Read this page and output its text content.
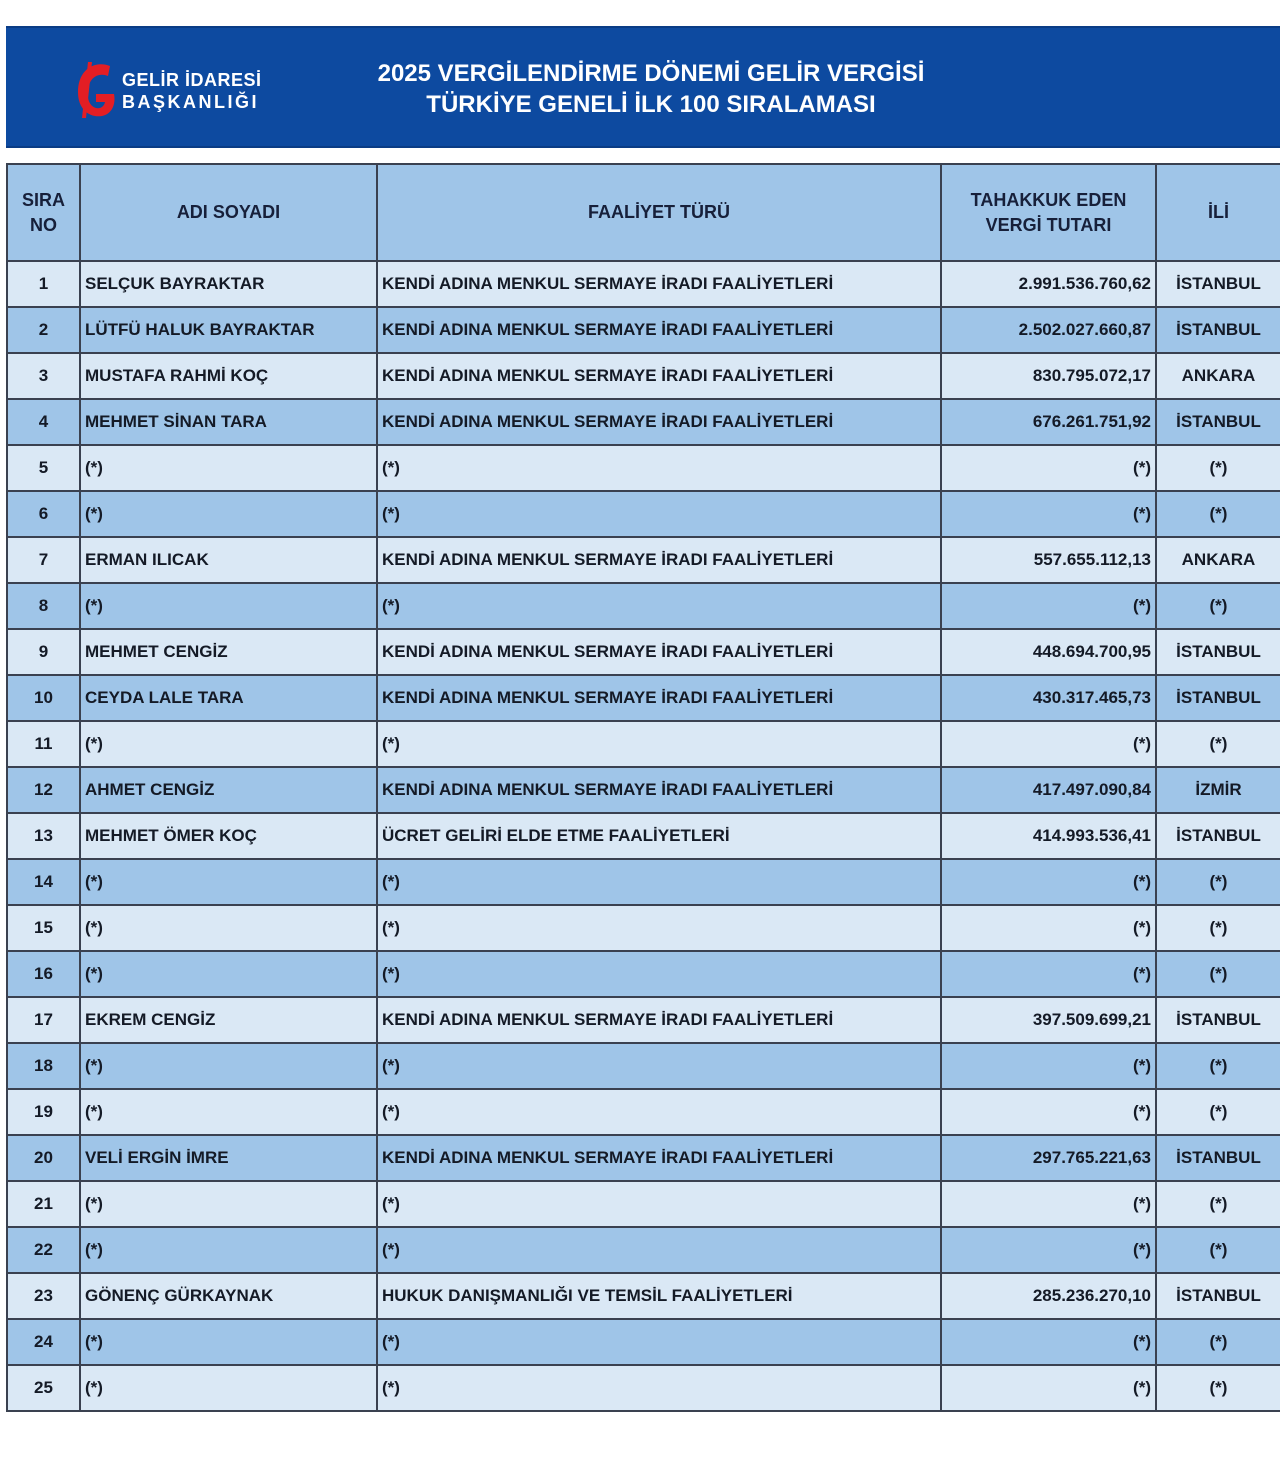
GELİR İDARESİ
BAŞKANLIĞI
2025 VERGİLENDİRME DÖNEMİ GELİR VERGİSİ
TÜRKİYE GENELİ İLK 100 SIRALAMASI
SIRA
NO	ADI SOYADI	FAALİYET TÜRÜ	TAHAKKUK EDEN
VERGİ TUTARI	İLİ
1	SELÇUK BAYRAKTAR	KENDİ ADINA MENKUL SERMAYE İRADI FAALİYETLERİ	2.991.536.760,62	İSTANBUL
2	LÜTFÜ HALUK BAYRAKTAR	KENDİ ADINA MENKUL SERMAYE İRADI FAALİYETLERİ	2.502.027.660,87	İSTANBUL
3	MUSTAFA RAHMİ KOÇ	KENDİ ADINA MENKUL SERMAYE İRADI FAALİYETLERİ	830.795.072,17	ANKARA
4	MEHMET SİNAN TARA	KENDİ ADINA MENKUL SERMAYE İRADI FAALİYETLERİ	676.261.751,92	İSTANBUL
5	(*)	(*)	(*)	(*)
6	(*)	(*)	(*)	(*)
7	ERMAN ILICAK	KENDİ ADINA MENKUL SERMAYE İRADI FAALİYETLERİ	557.655.112,13	ANKARA
8	(*)	(*)	(*)	(*)
9	MEHMET CENGİZ	KENDİ ADINA MENKUL SERMAYE İRADI FAALİYETLERİ	448.694.700,95	İSTANBUL
10	CEYDA LALE TARA	KENDİ ADINA MENKUL SERMAYE İRADI FAALİYETLERİ	430.317.465,73	İSTANBUL
11	(*)	(*)	(*)	(*)
12	AHMET CENGİZ	KENDİ ADINA MENKUL SERMAYE İRADI FAALİYETLERİ	417.497.090,84	İZMİR
13	MEHMET ÖMER KOÇ	ÜCRET GELİRİ ELDE ETME FAALİYETLERİ	414.993.536,41	İSTANBUL
14	(*)	(*)	(*)	(*)
15	(*)	(*)	(*)	(*)
16	(*)	(*)	(*)	(*)
17	EKREM CENGİZ	KENDİ ADINA MENKUL SERMAYE İRADI FAALİYETLERİ	397.509.699,21	İSTANBUL
18	(*)	(*)	(*)	(*)
19	(*)	(*)	(*)	(*)
20	VELİ ERGİN İMRE	KENDİ ADINA MENKUL SERMAYE İRADI FAALİYETLERİ	297.765.221,63	İSTANBUL
21	(*)	(*)	(*)	(*)
22	(*)	(*)	(*)	(*)
23	GÖNENÇ GÜRKAYNAK	HUKUK DANIŞMANLIĞI VE TEMSİL FAALİYETLERİ	285.236.270,10	İSTANBUL
24	(*)	(*)	(*)	(*)
25	(*)	(*)	(*)	(*)
